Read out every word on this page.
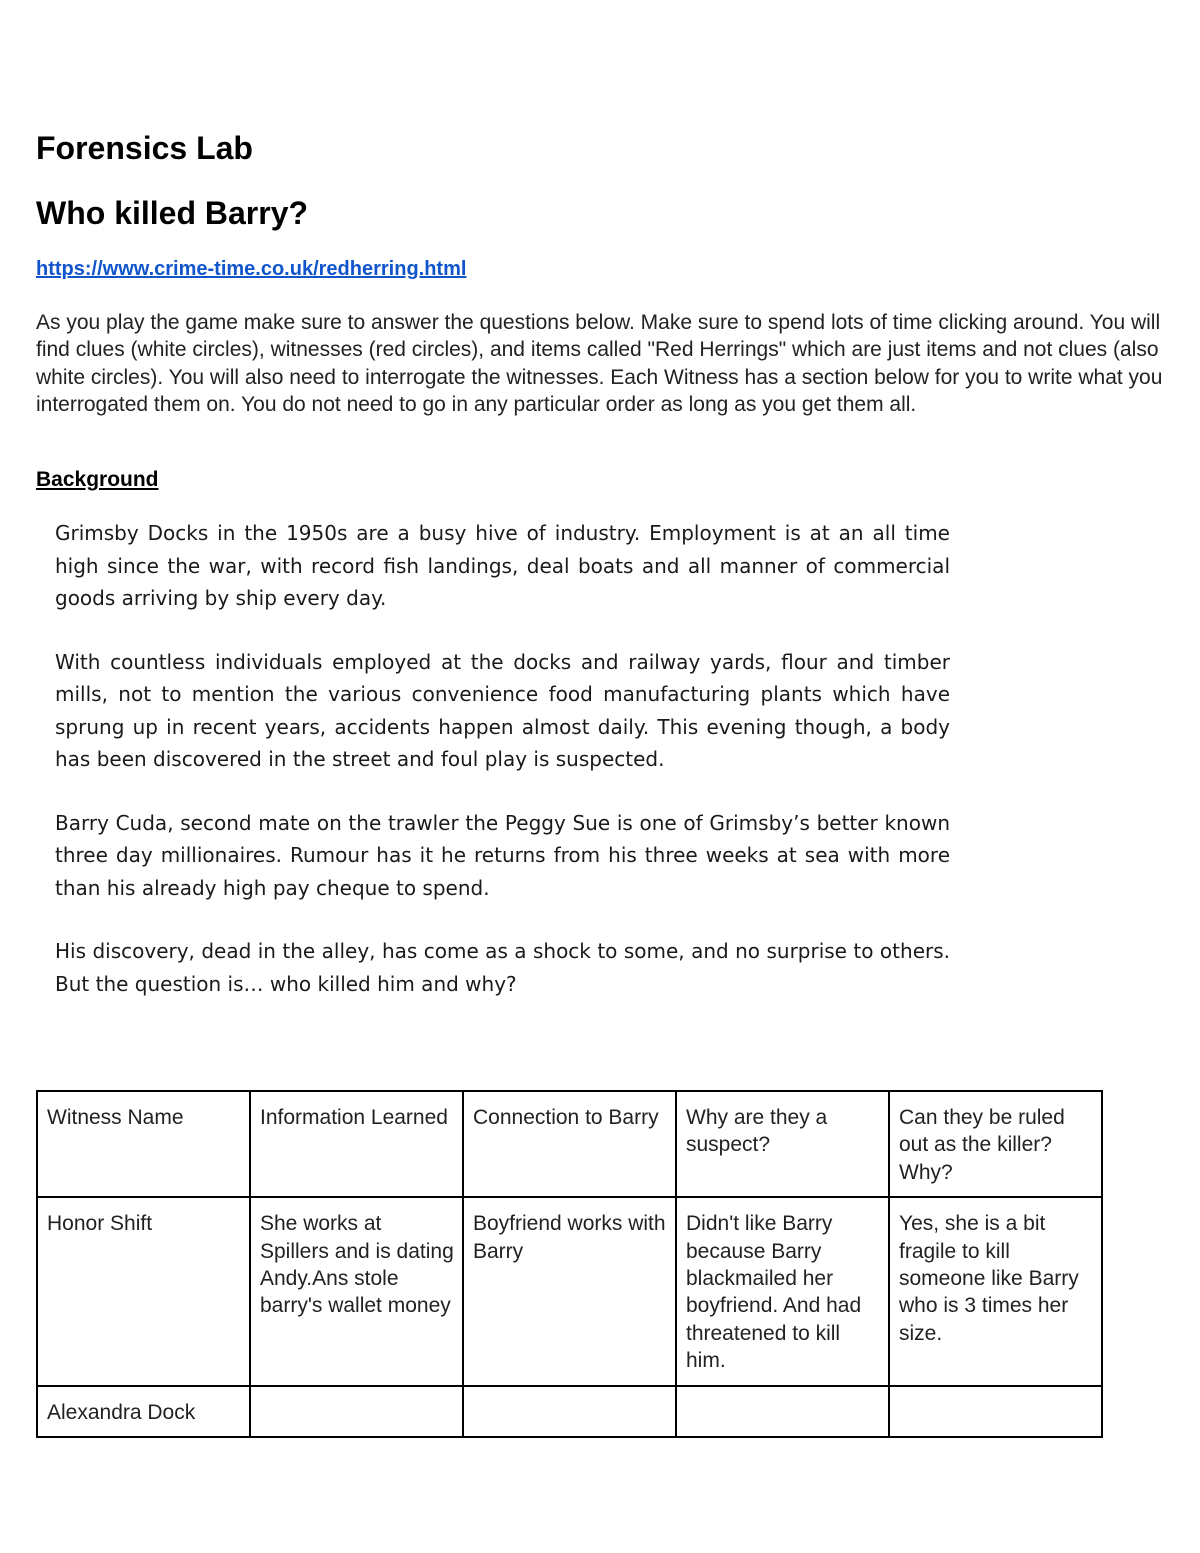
Forensics Lab
Who killed Barry?
https://www.crime-time.co.uk/redherring.html

As you play the game make sure to answer the questions below. Make sure to spend lots of time clicking around. You will find clues (white circles), witnesses (red circles), and items called "Red Herrings" which are just items and not clues (also white circles). You will also need to interrogate the witnesses. Each Witness has a section below for you to write what you interrogated them on. You do not need to go in any particular order as long as you get them all.

Background

Grimsby Docks in the 1950s are a busy hive of industry. Employment is at an all time high since the war, with record fish landings, deal boats and all manner of commercial goods arriving by ship every day.

With countless individuals employed at the docks and railway yards, flour and timber mills, not to mention the various convenience food manufacturing plants which have sprung up in recent years, accidents happen almost daily. This evening though, a body has been discovered in the street and foul play is suspected.

Barry Cuda, second mate on the trawler the Peggy Sue is one of Grimsby’s better known three day millionaires. Rumour has it he returns from his three weeks at sea with more than his already high pay cheque to spend.

His discovery, dead in the alley, has come as a shock to some, and no surprise to others. But the question is… who killed him and why?

Witness Name	Information Learned	Connection to Barry	Why are they a suspect?	Can they be ruled out as the killer? Why?
Honor Shift	She works at Spillers and is dating Andy.Ans stole barry's wallet money	Boyfriend works with Barry	Didn't like Barry because Barry blackmailed her boyfriend. And had threatened to kill him.	Yes, she is a bit fragile to kill someone like Barry who is 3 times her size.
Alexandra Dock				
